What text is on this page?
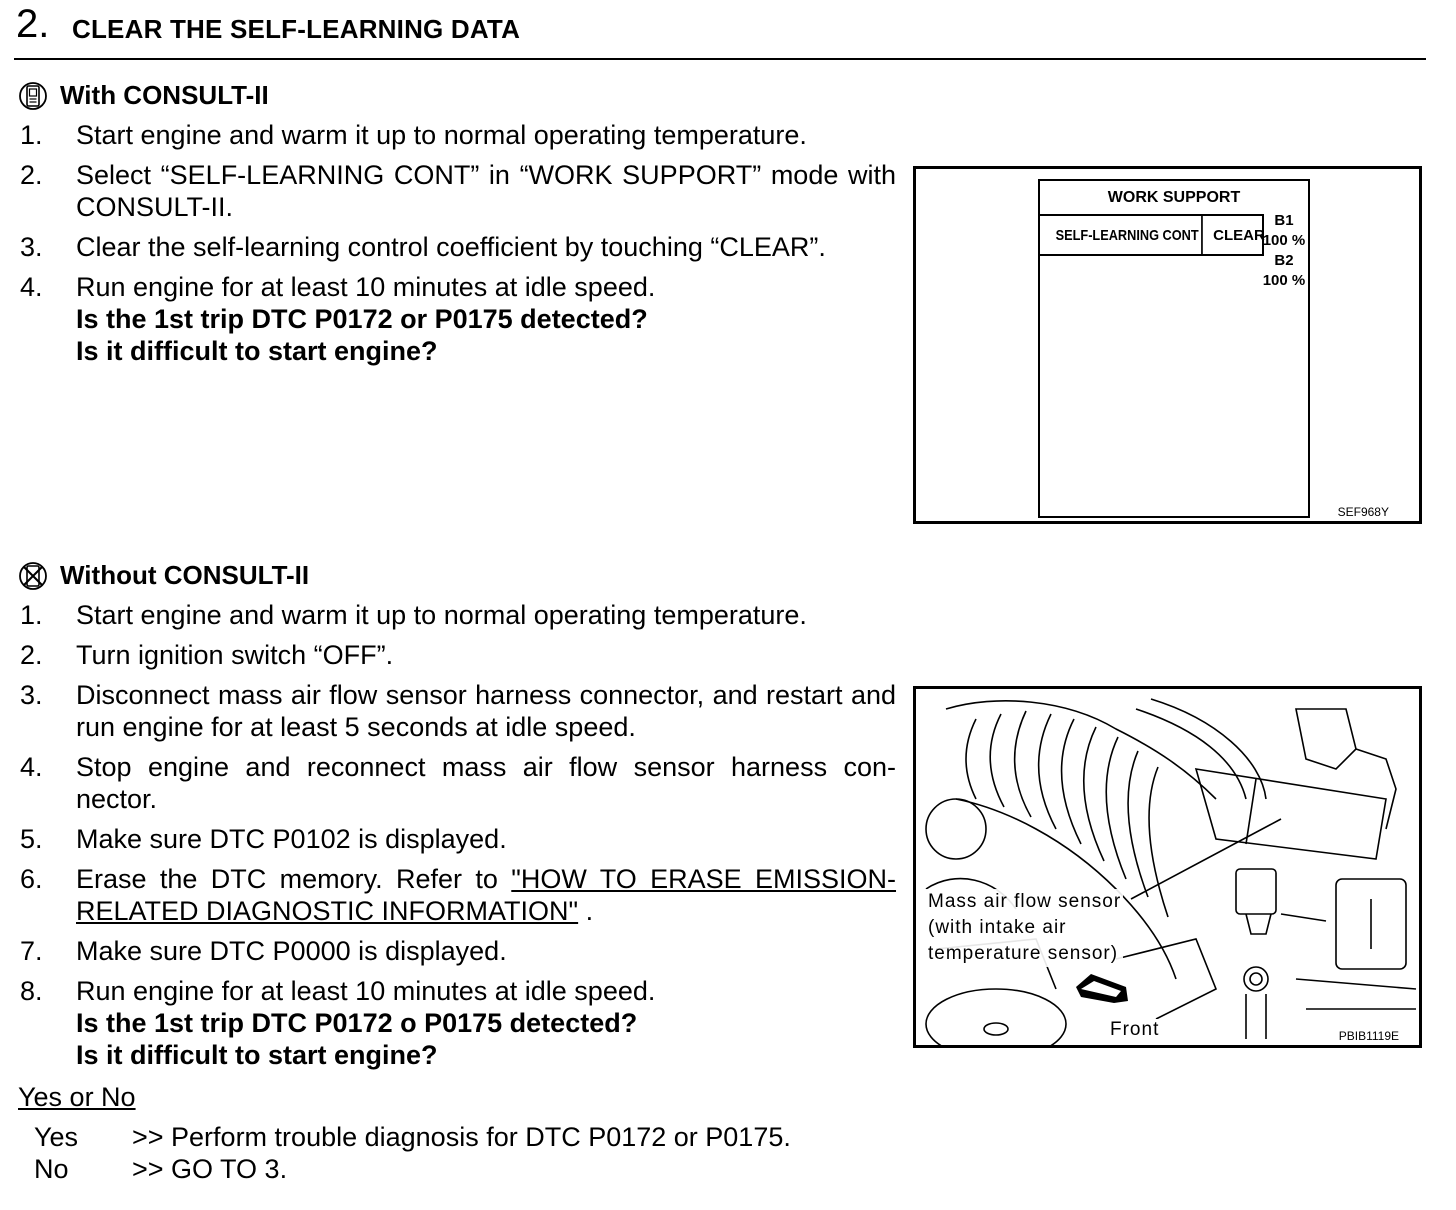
2. CLEAR THE SELF-LEARNING DATA
With CONSULT-II
1. Start engine and warm it up to normal operating temperature.
2. Select “SELF-LEARNING CONT” in “WORK SUPPORT” mode with CONSULT-II.
3. Clear the self-learning control coefficient by touching “CLEAR”.
4. Run engine for at least 10 minutes at idle speed.
Is the 1st trip DTC P0172 or P0175 detected?
Is it difficult to start engine?
WORK SUPPORT
SELF-LEARNING CONT CLEAR
B1
100 %
B2
100 %
SEF968Y
Without CONSULT-II
1. Start engine and warm it up to normal operating temperature.
2. Turn ignition switch “OFF”.
3. Disconnect mass air flow sensor harness connector, and restart and run engine for at least 5 seconds at idle speed.
4. Stop engine and reconnect mass air flow sensor harness con-nector.
5. Make sure DTC P0102 is displayed.
6. Erase the DTC memory. Refer to "HOW TO ERASE EMISSION-RELATED DIAGNOSTIC INFORMATION" .
7. Make sure DTC P0000 is displayed.
8. Run engine for at least 10 minutes at idle speed.
Is the 1st trip DTC P0172 o P0175 detected?
Is it difficult to start engine?
Mass air flow sensor
(with intake air
temperature sensor)
Front	PBIB1119E
Yes or No
Yes >> Perform trouble diagnosis for DTC P0172 or P0175.
No >> GO TO 3.
